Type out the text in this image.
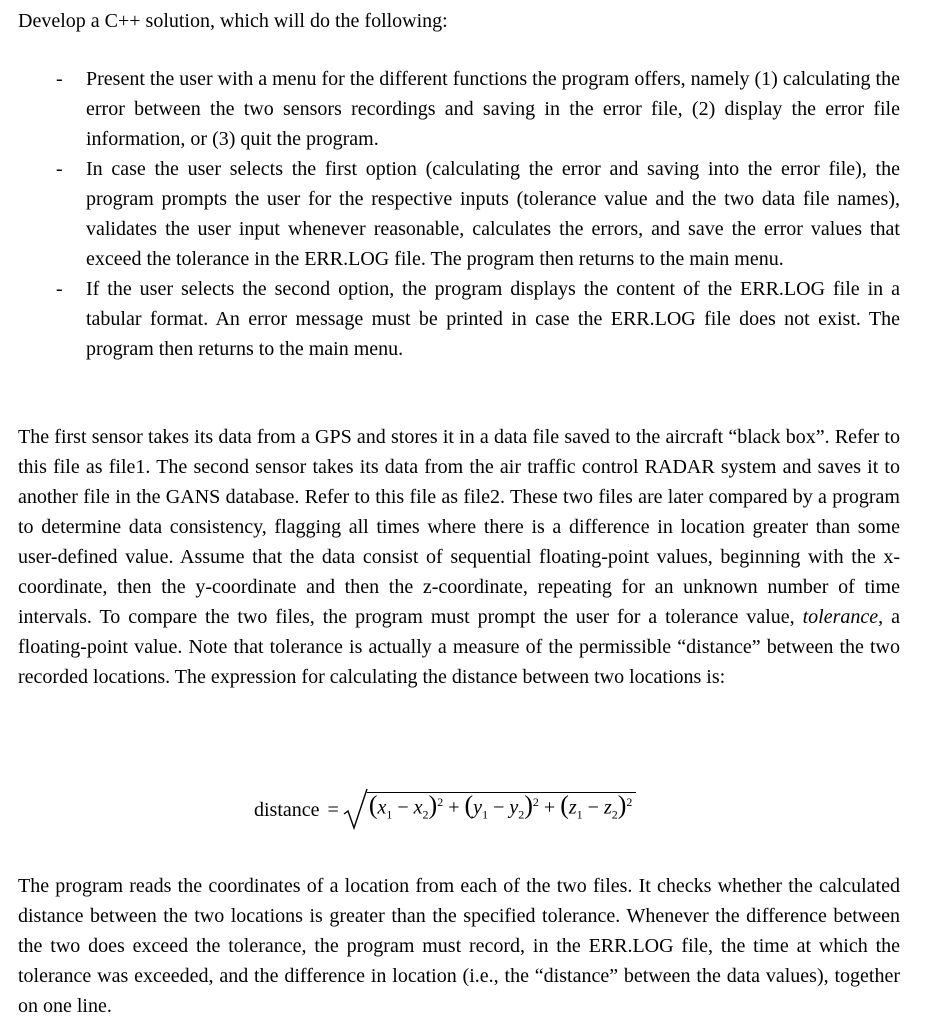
Develop a C++ solution, which will do the following:

- Present the user with a menu for the different functions the program offers, namely (1) calculating the error between the two sensors recordings and saving in the error file, (2) display the error file information, or (3) quit the program.
- In case the user selects the first option (calculating the error and saving into the error file), the program prompts the user for the respective inputs (tolerance value and the two data file names), validates the user input whenever reasonable, calculates the errors, and save the error values that exceed the tolerance in the ERR.LOG file. The program then returns to the main menu.
- If the user selects the second option, the program displays the content of the ERR.LOG file in a tabular format. An error message must be printed in case the ERR.LOG file does not exist. The program then returns to the main menu.

The first sensor takes its data from a GPS and stores it in a data file saved to the aircraft “black box”. Refer to this file as file1. The second sensor takes its data from the air traffic control RADAR system and saves it to another file in the GANS database. Refer to this file as file2. These two files are later compared by a program to determine data consistency, flagging all times where there is a difference in location greater than some user-defined value. Assume that the data consist of sequential floating-point values, beginning with the x-coordinate, then the y-coordinate and then the z-coordinate, repeating for an unknown number of time intervals. To compare the two files, the program must prompt the user for a tolerance value, tolerance, a floating-point value. Note that tolerance is actually a measure of the permissible “distance” between the two recorded locations. The expression for calculating the distance between two locations is:

distance = $(x_1 - x_2)^2 + (y_1 - y_2)^2 + (z_1 - z_2)^2$

The program reads the coordinates of a location from each of the two files. It checks whether the calculated distance between the two locations is greater than the specified tolerance. Whenever the difference between the two does exceed the tolerance, the program must record, in the ERR.LOG file, the time at which the tolerance was exceeded, and the difference in location (i.e., the “distance” between the data values), together on one line.
